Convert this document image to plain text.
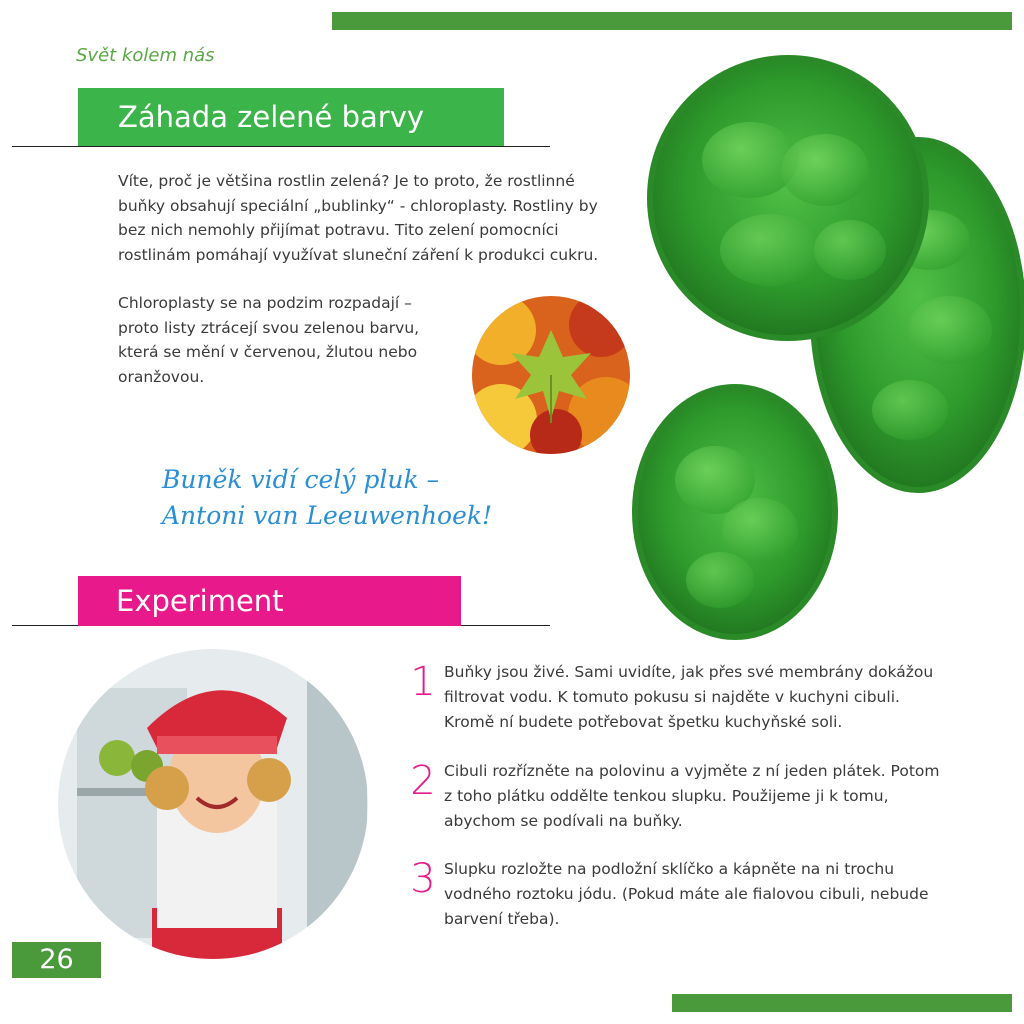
Svět kolem nás
Záhada zelené barvy
Víte, proč je většina rostlin zelená? Je to proto, že rostlinné buňky obsahují speciální „bublinky“ - chloroplasty. Rostliny by bez nich nemohly přijímat potravu. Tito zelení pomocníci rostlinám pomáhají využívat sluneční záření k produkci cukru.
Chloroplasty se na podzim rozpadají – proto listy ztrácejí svou zelenou barvu, která se mění v červenou, žlutou nebo oranžovou.
Buněk vidí celý pluk –
Antoni van Leeuwenhoek!
Experiment
1 Buňky jsou živé. Sami uvidíte, jak přes své membrány dokážou filtrovat vodu. K tomuto pokusu si najděte v kuchyni cibuli. Kromě ní budete potřebovat špetku kuchyňské soli.
2 Cibuli rozřízněte na polovinu a vyjměte z ní jeden plátek. Potom z toho plátku oddělte tenkou slupku. Použijeme ji k tomu, abychom se podívali na buňky.
3 Slupku rozložte na podložní sklíčko a kápněte na ni trochu vodného roztoku jódu. (Pokud máte ale fialovou cibuli, nebude barvení třeba).
26
